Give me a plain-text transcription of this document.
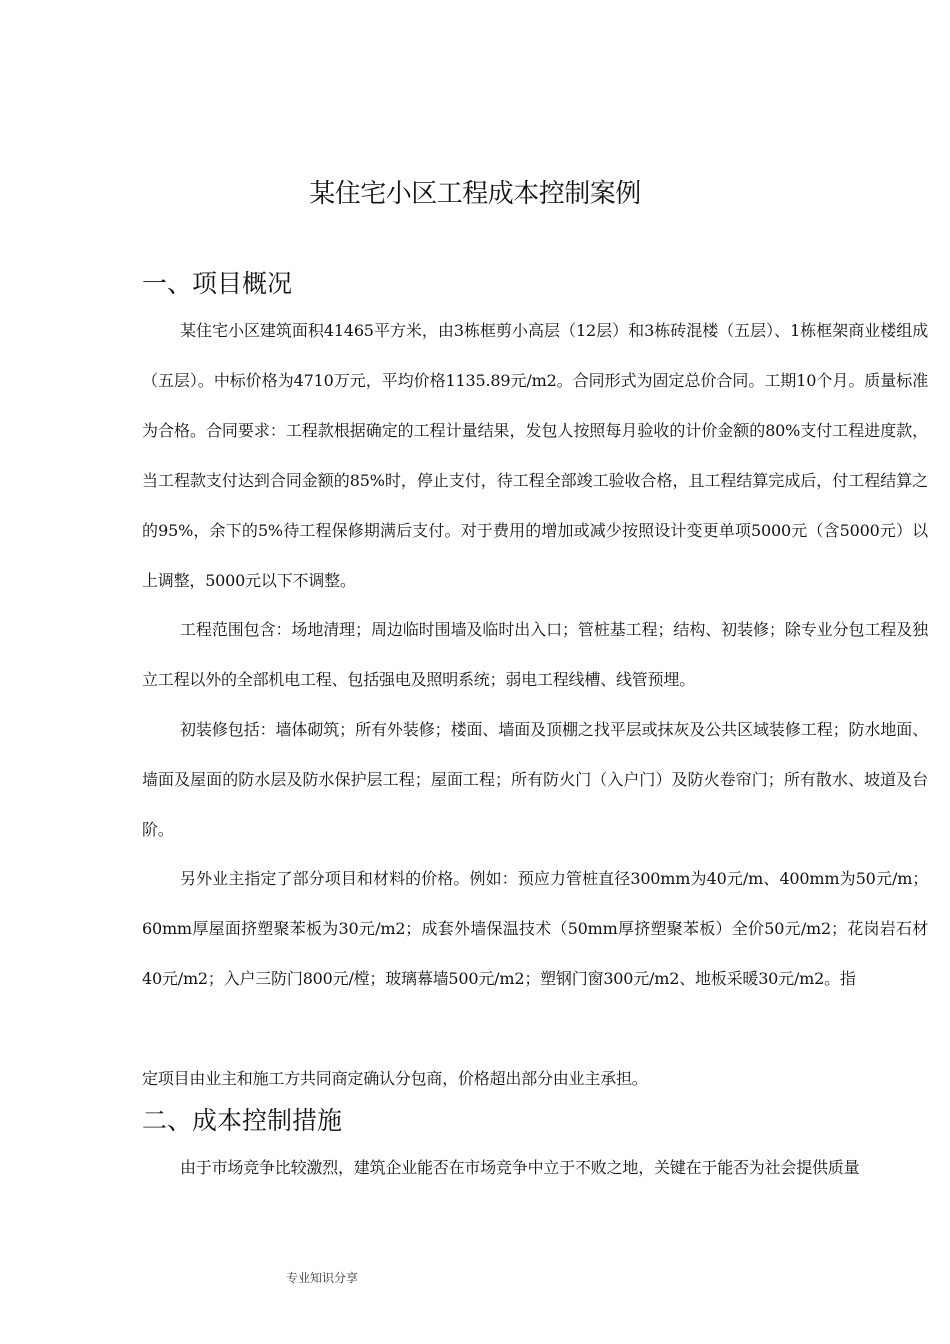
某住宅小区工程成本控制案例
一、项目概况

某住宅小区建筑面积41465平方米，由3栋框剪小高层（12层）和3栋砖混楼（五层）、1栋框架商业楼组成（五层）。中标价格为4710万元，平均价格1135.89元/m2。合同形式为固定总价合同。工期10个月。质量标准为合格。合同要求：工程款根据确定的工程计量结果，发包人按照每月验收的计价金额的80%支付工程进度款，当工程款支付达到合同金额的85%时，停止支付，待工程全部竣工验收合格，且工程结算完成后，付工程结算之的95%，余下的5%待工程保修期满后支付。对于费用的增加或减少按照设计变更单项5000元（含5000元）以上调整，5000元以下不调整。

工程范围包含：场地清理；周边临时围墙及临时出入口；管桩基工程；结构、初装修；除专业分包工程及独立工程以外的全部机电工程、包括强电及照明系统；弱电工程线槽、线管预埋。

初装修包括：墙体砌筑；所有外装修；楼面、墙面及顶棚之找平层或抹灰及公共区域装修工程；防水地面、墙面及屋面的防水层及防水保护层工程；屋面工程；所有防火门（入户门）及防火卷帘门；所有散水、坡道及台阶。

另外业主指定了部分项目和材料的价格。例如：预应力管桩直径300mm为40元/m、400mm为50元/m；60mm厚屋面挤塑聚苯板为30元/m2；成套外墙保温技术（50mm厚挤塑聚苯板）全价50元/m2；花岗岩石材40元/m2；入户三防门800元/樘；玻璃幕墙500元/m2；塑钢门窗300元/m2、地板采暖30元/m2。指

定项目由业主和施工方共同商定确认分包商，价格超出部分由业主承担。

二、成本控制措施

由于市场竞争比较激烈，建筑企业能否在市场竞争中立于不败之地，关键在于能否为社会提供质量

专业知识分享
